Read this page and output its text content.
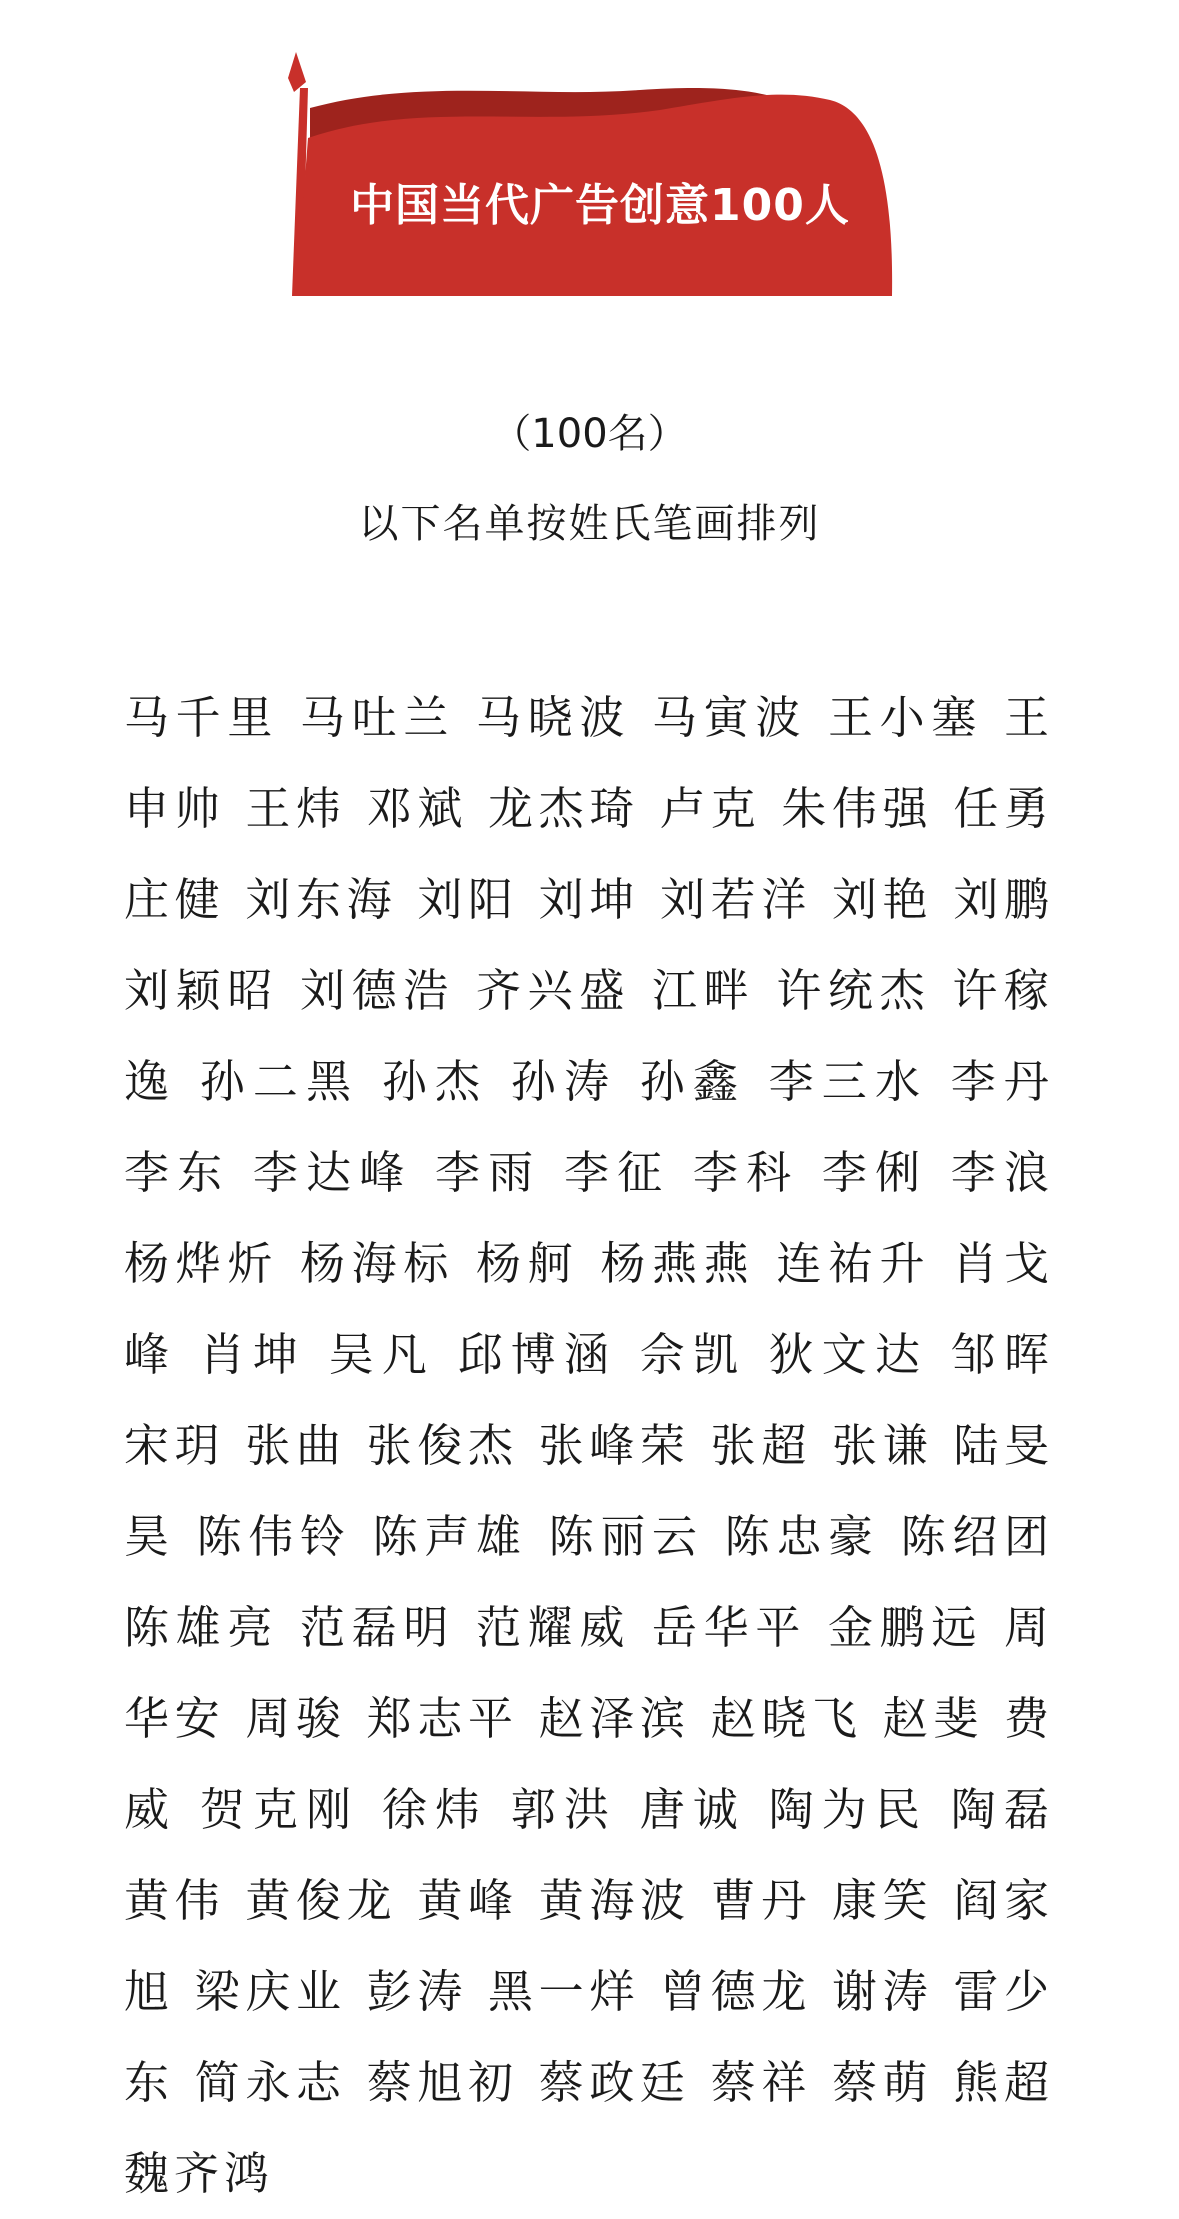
中国当代广告创意100人
（100名）
以下名单按姓氏笔画排列
马千里 马吐兰 马晓波 马寅波 王小塞 王申帅 王炜 邓斌 龙杰琦 卢克 朱伟强 任勇 庄健 刘东海 刘阳 刘坤 刘若洋 刘艳 刘鹏 刘颖昭 刘德浩 齐兴盛 江畔 许统杰 许稼逸 孙二黑 孙杰 孙涛 孙鑫 李三水 李丹 李东 李达峰 李雨 李征 李科 李俐 李浪 杨烨炘 杨海标 杨舸 杨燕燕 连祐升 肖戈峰 肖坤 吴凡 邱博涵 佘凯 狄文达 邹晖 宋玥 张曲 张俊杰 张峰荣 张超 张谦 陆旻昊 陈伟铃 陈声雄 陈丽云 陈忠豪 陈绍团 陈雄亮 范磊明 范耀威 岳华平 金鹏远 周华安 周骏 郑志平 赵泽滨 赵晓飞 赵斐 费威 贺克刚 徐炜 郭洪 唐诚 陶为民 陶磊 黄伟 黄俊龙 黄峰 黄海波 曹丹 康笑 阎家旭 梁庆业 彭涛 黑一烊 曾德龙 谢涛 雷少东 简永志 蔡旭初 蔡政廷 蔡祥 蔡萌 熊超 魏齐鸿
